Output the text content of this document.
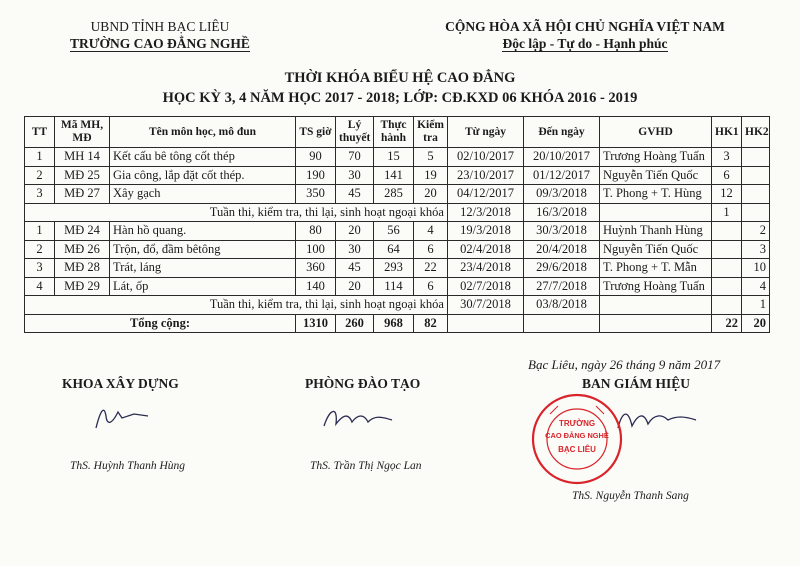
UBND TỈNH BẠC LIÊU
TRƯỜNG CAO ĐẲNG NGHỀ
CỘNG HÒA XÃ HỘI CHỦ NGHĨA VIỆT NAM
Độc lập - Tự do - Hạnh phúc
THỜI KHÓA BIỂU HỆ CAO ĐẲNG
HỌC KỲ 3, 4 NĂM HỌC 2017 - 2018; LỚP: CĐ.KXD 06 KHÓA 2016 - 2019
TT	Mã MH, MĐ	Tên môn học, mô đun	TS giờ	Lý thuyết	Thực hành	Kiểm tra	Từ ngày	Đến ngày	GVHD	HK1	HK2
1	MH 14	Kết cấu bê tông cốt thép	90	70	15	5	02/10/2017	20/10/2017	Trương Hoàng Tuấn	3	
2	MĐ 25	Gia công, lắp đặt cốt thép.	190	30	141	19	23/10/2017	01/12/2017	Nguyễn Tiến Quốc	6	
3	MĐ 27	Xây gạch	350	45	285	20	04/12/2017	09/3/2018	T. Phong + T. Hùng	12	
Tuần thi, kiểm tra, thi lại, sinh hoạt ngoại khóa							12/3/2018	16/3/2018		1	
1	MĐ 24	Hàn hồ quang.	80	20	56	4	19/3/2018	30/3/2018	Huỳnh Thanh Hùng		2
2	MĐ 26	Trộn, đổ, đầm bêtông	100	30	64	6	02/4/2018	20/4/2018	Nguyễn Tiến Quốc		3
3	MĐ 28	Trát, láng	360	45	293	22	23/4/2018	29/6/2018	T. Phong + T. Mẫn		10
4	MĐ 29	Lát, ốp	140	20	114	6	02/7/2018	27/7/2018	Trương Hoàng Tuấn		4
Tuần thi, kiểm tra, thi lại, sinh hoạt ngoại khóa							30/7/2018	03/8/2018			1
Tổng cộng:			1310	260	968	82				22	20
Bạc Liêu, ngày 26 tháng 9 năm 2017
KHOA XÂY DỰNG	PHÒNG ĐÀO TẠO	BAN GIÁM HIỆU
TRƯỜNG
CAO ĐẲNG NGHỀ
BẠC LIÊU
ThS. Huỳnh Thanh Hùng	ThS. Trần Thị Ngọc Lan
ThS. Nguyễn Thanh Sang
